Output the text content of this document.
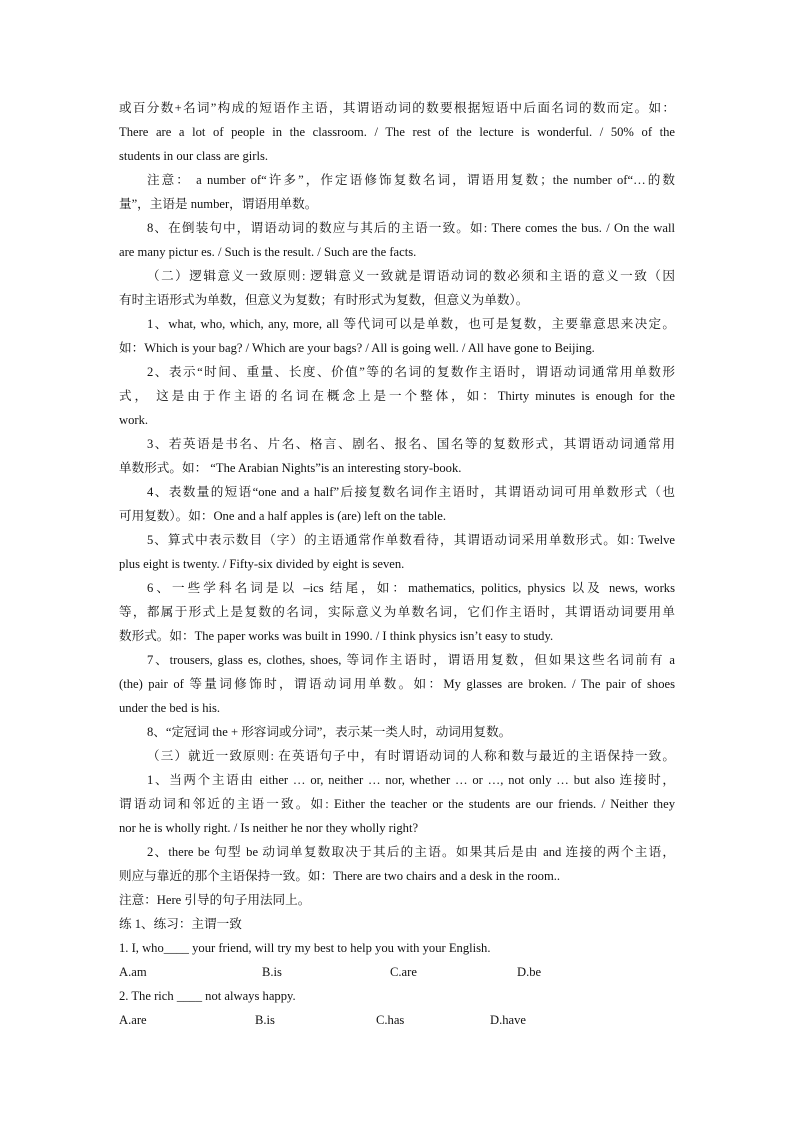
或百分数+名词”构成的短语作主语，其谓语动词的数要根据短语中后面名词的数而定。如：
There are a lot of people in the classroom. / The rest of the lecture is wonderful. / 50% of the
students in our class are girls.
注意： a number of“许多”，作定语修饰复数名词，谓语用复数；the number of“…的数
量”，主语是 number，谓语用单数。
8、在倒装句中，谓语动词的数应与其后的主语一致。如: There comes the bus. / On the wall
are many pictur es. / Such is the result. / Such are the facts.
（二）逻辑意义一致原则: 逻辑意义一致就是谓语动词的数必须和主语的意义一致（因
有时主语形式为单数，但意义为复数；有时形式为复数，但意义为单数）。
1、what, who, which, any, more, all 等代词可以是单数，也可是复数，主要靠意思来决定。
如：Which is your bag? / Which are your bags? / All is going well. / All have gone to Beijing.
2、表示“时间、重量、长度、价值”等的名词的复数作主语时，谓语动词通常用单数形
式， 这是由于作主语的名词在概念上是一个整体，如：Thirty minutes is enough for the
work.
3、若英语是书名、片名、格言、剧名、报名、国名等的复数形式，其谓语动词通常用
单数形式。如： “The Arabian Nights”is an interesting story-book.
4、表数量的短语“one and a half”后接复数名词作主语时，其谓语动词可用单数形式（也
可用复数）。如：One and a half apples is (are) left on the table.
5、算式中表示数目（字）的主语通常作单数看待，其谓语动词采用单数形式。如: Twelve
plus eight is twenty. / Fifty-six divided by eight is seven.
6、一些学科名词是以 –ics 结尾，如：mathematics, politics, physics 以及 news, works
等，都属于形式上是复数的名词，实际意义为单数名词，它们作主语时，其谓语动词要用单
数形式。如：The paper works was built in 1990. / I think physics isn’t easy to study.
7、trousers, glass es, clothes, shoes, 等词作主语时，谓语用复数，但如果这些名词前有 a
(the) pair of 等量词修饰时，谓语动词用单数。如：My glasses are broken. / The pair of shoes
under the bed is his.
8、“定冠词 the + 形容词或分词”，表示某一类人时，动词用复数。
（三）就近一致原则: 在英语句子中，有时谓语动词的人称和数与最近的主语保持一致。
1、当两个主语由 either … or, neither … nor, whether … or …, not only … but also 连接时，
谓语动词和邻近的主语一致。如: Either the teacher or the students are our friends. / Neither they
nor he is wholly right. / Is neither he nor they wholly right?
2、there be 句型 be 动词单复数取决于其后的主语。如果其后是由 and 连接的两个主语，
则应与靠近的那个主语保持一致。如：There are two chairs and a desk in the room..
注意：Here 引导的句子用法同上。
练 1、练习：主谓一致
1. I, who____ your friend, will try my best to help you with your English.
A.am	B.is	C.are	D.be
2. The rich ____ not always happy.
A.are	B.is	C.has	D.have
